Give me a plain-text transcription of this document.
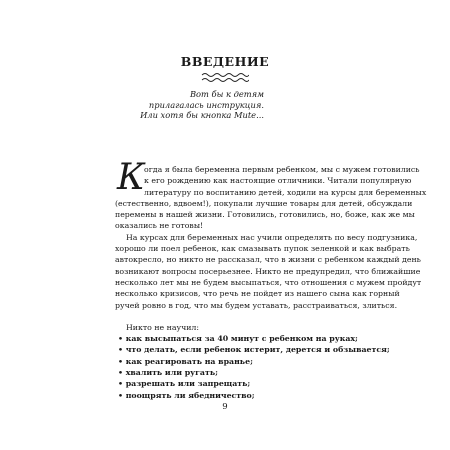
ВВЕДЕНИЕ
Вот бы к детям
прилагалась инструкция.
Или хотя бы кнопка Mute...
К огда я была беременна первым ребенком, мы с мужем готовились
к его рождению как настоящие отличники. Читали популярную
литературу по воспитанию детей, ходили на курсы для беременных
(естественно, вдвоем!), покупали лучшие товары для детей, обсуждали
перемены в нашей жизни. Готовились, готовились, но, боже, как же мы
оказались не готовы!
На курсах для беременных нас учили определять по весу подгузника,
хорошо ли поел ребенок, как смазывать пупок зеленкой и как выбрать
автокресло, но никто не рассказал, что в жизни с ребенком каждый день
возникают вопросы посерьезнее. Никто не предупредил, что ближайшие
несколько лет мы не будем высыпаться, что отношения с мужем пройдут
несколько кризисов, что речь не пойдет из нашего сына как горный
ручей ровно в год, что мы будем уставать, расстраиваться, злиться.
Никто не научил:
• как высыпаться за 40 минут с ребенком на руках;
• что делать, если ребенок истерит, дерется и обзывается;
• как реагировать на вранье;
• хвалить или ругать;
• разрешать или запрещать;
• поощрять ли ябедничество;
9
